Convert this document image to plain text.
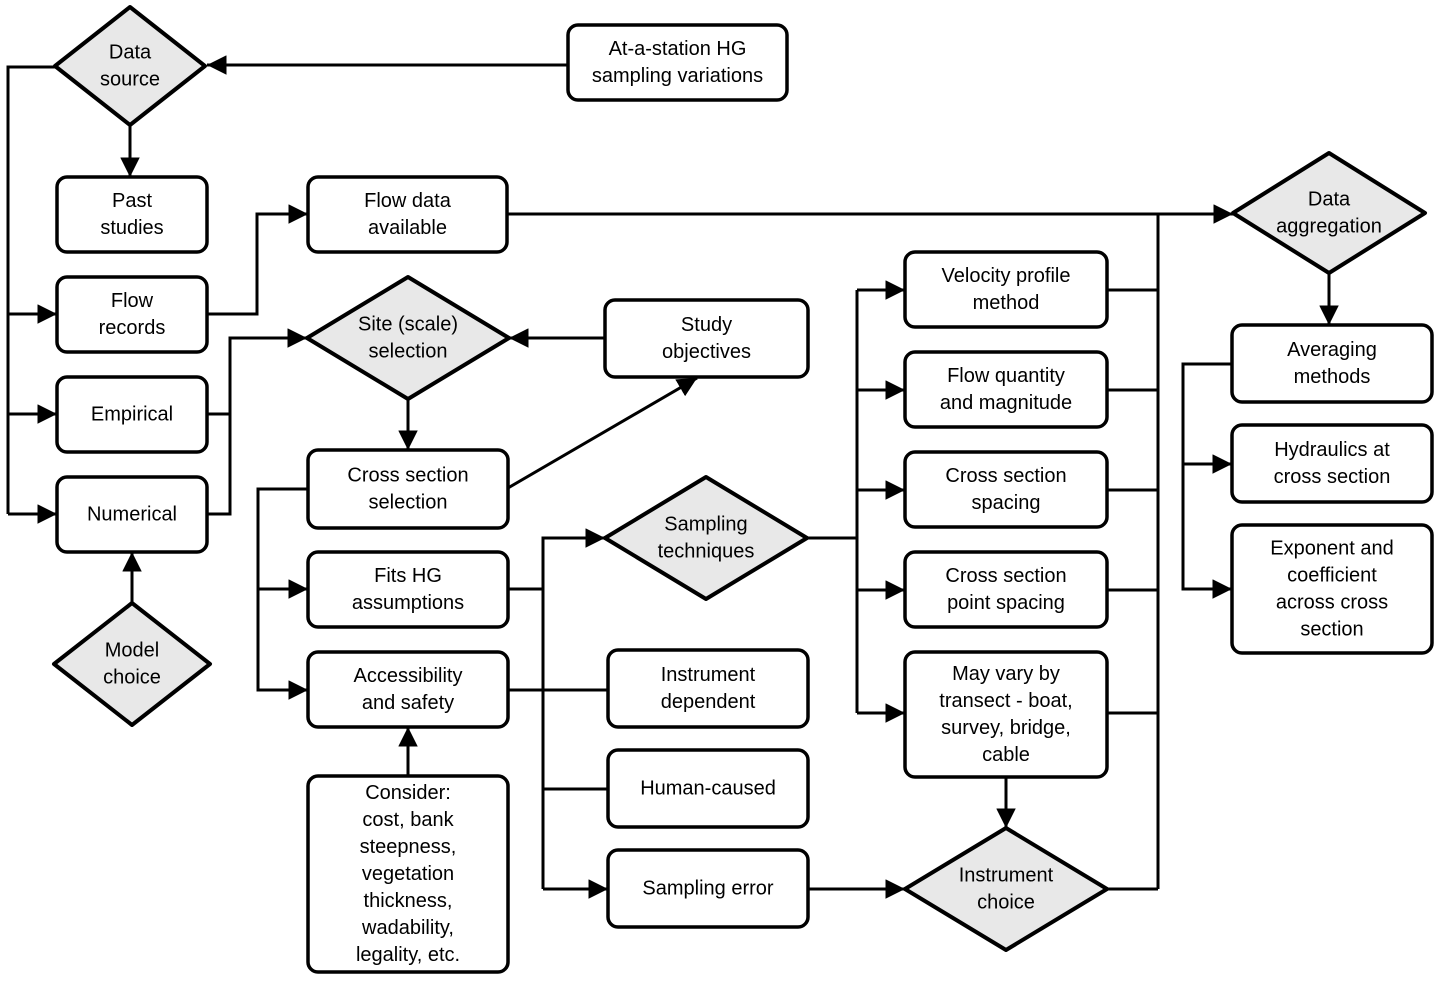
Data source
At-a-station HG sampling variations
Past studies
Flow data available
Flow records
Empirical
Numerical
Model choice
Site (scale) selection
Study objectives
Cross section selection
Fits HG assumptions
Accessibility and safety
Consider: cost, bank steepness, vegetation thickness, wadability, legality, etc.
Sampling techniques
Instrument dependent
Human-caused
Sampling error
Velocity profile method
Flow quantity and magnitude
Cross section spacing
Cross section point spacing
May vary by transect - boat, survey, bridge, cable
Instrument choice
Data aggregation
Averaging methods
Hydraulics at cross section
Exponent and coefficient across cross section
